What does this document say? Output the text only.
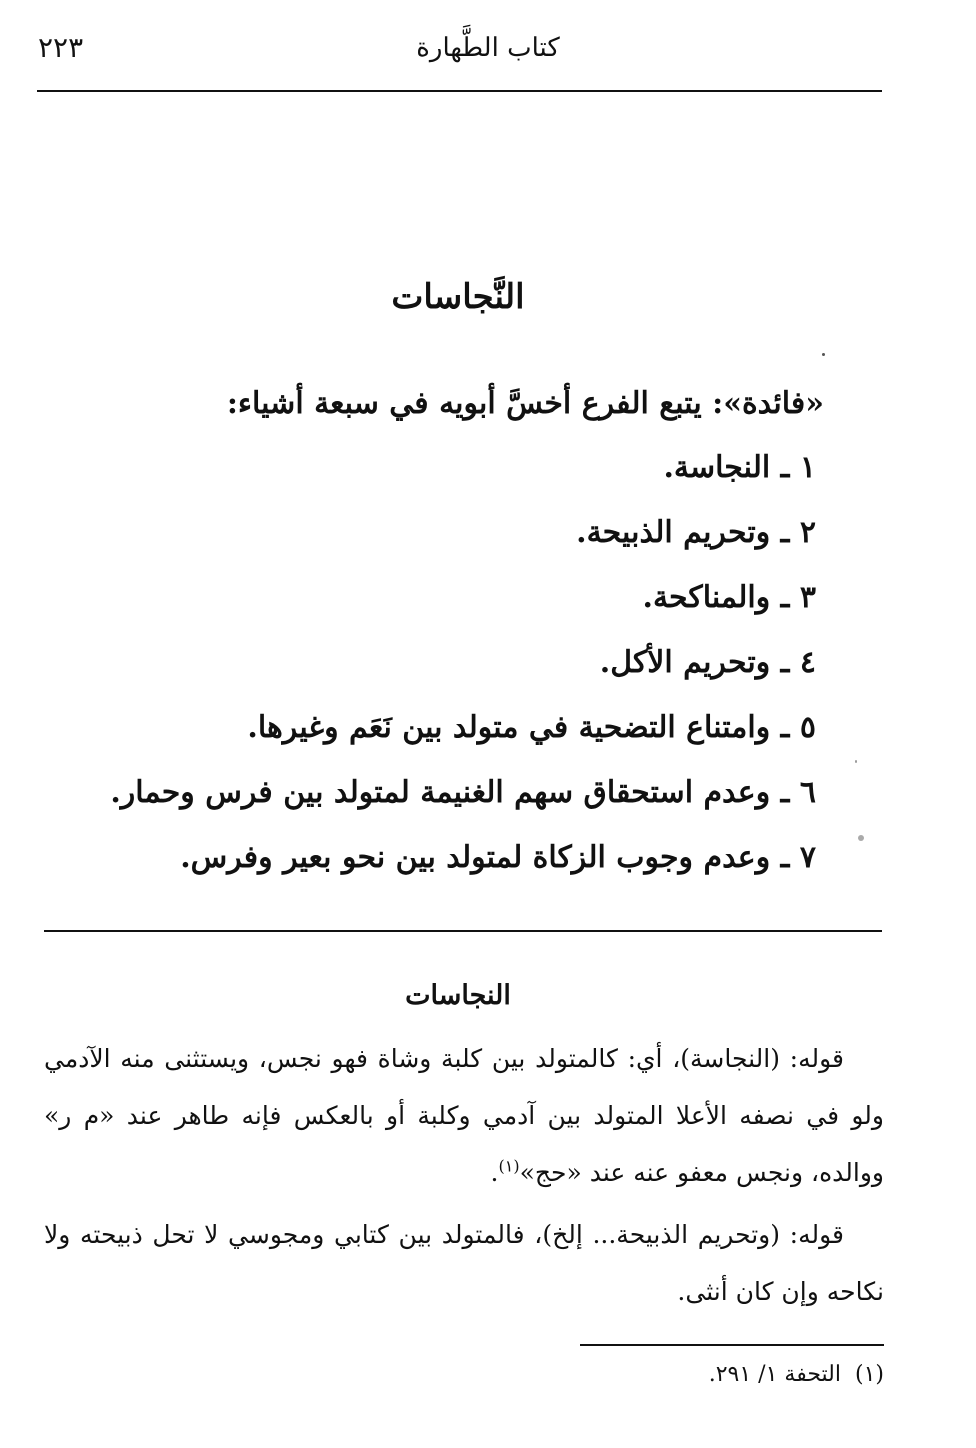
كتاب الطَّهارة
٢٢٣
النَّجاسات
«فائدة»: يتبع الفرع أخسَّ أبويه في سبعة أشياء:
١ ـ النجاسة.
٢ ـ وتحريم الذبيحة.
٣ ـ والمناكحة.
٤ ـ وتحريم الأكل.
٥ ـ وامتناع التضحية في متولد بين نَعَم وغيرها.
٦ ـ وعدم استحقاق سهم الغنيمة لمتولد بين فرس وحمار.
٧ ـ وعدم وجوب الزكاة لمتولد بين نحو بعير وفرس.
النجاسات

قوله: (النجاسة)، أي: كالمتولد بين كلبة وشاة فهو نجس، ويستثنى منه الآدمي ولو في نصفه الأعلا المتولد بين آدمي وكلبة أو بالعكس فإنه طاهر عند «م ر» ووالده، ونجس معفو عنه عند «حج»$^{(١)}$.

قوله: (وتحريم الذبيحة... إلخ)، فالمتولد بين كتابي ومجوسي لا تحل ذبيحته ولا نكاحه وإن كان أنثى.

(١)التحفة ١/ ٢٩١.
